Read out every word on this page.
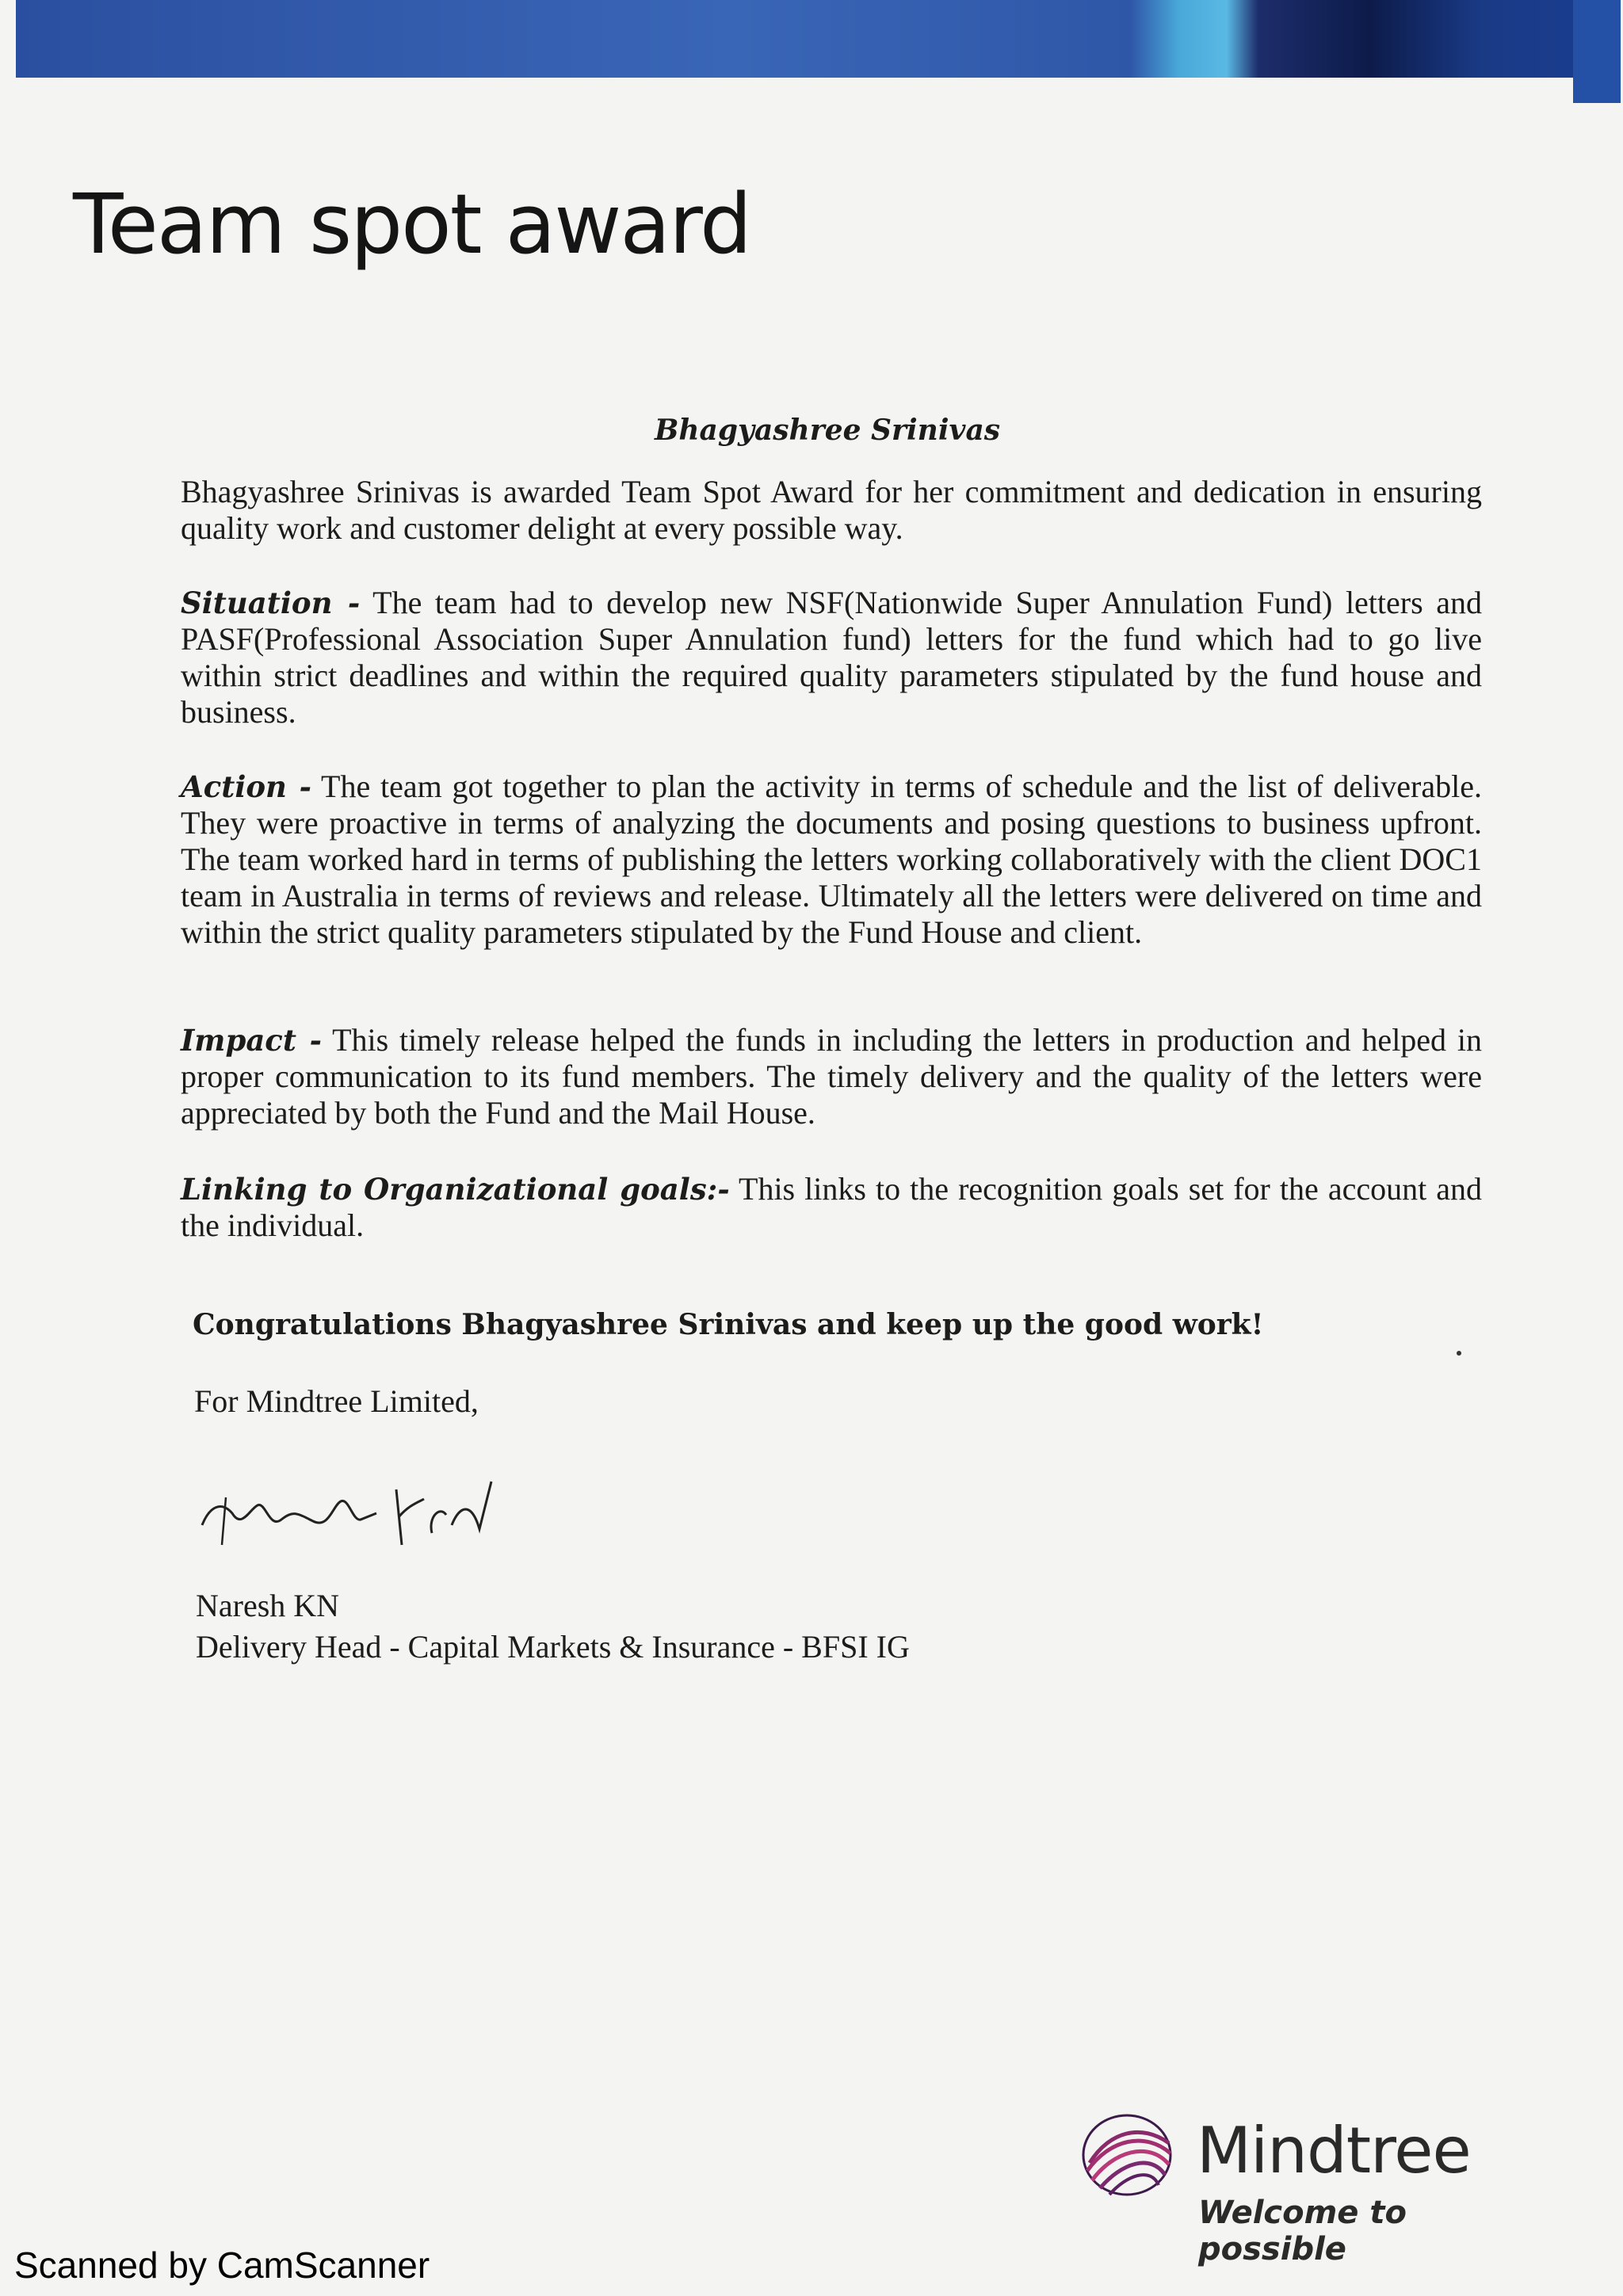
Team spot award
Bhagyashree Srinivas

Bhagyashree Srinivas is awarded Team Spot Award for her commitment and dedication in ensuring quality work and customer delight at every possible way.

Situation - The team had to develop new NSF(Nationwide Super Annulation Fund) letters and PASF(Professional Association Super Annulation fund) letters for the fund which had to go live within strict deadlines and within the required quality parameters stipulated by the fund house and business.

Action - The team got together to plan the activity in terms of schedule and the list of deliverable. They were proactive in terms of analyzing the documents and posing questions to business upfront. The team worked hard in terms of publishing the letters working collaboratively with the client DOC1 team in Australia in terms of reviews and release. Ultimately all the letters were delivered on time and within the strict quality parameters stipulated by the Fund House and client.

Impact - This timely release helped the funds in including the letters in production and helped in proper communication to its fund members. The timely delivery and the quality of the letters were appreciated by both the Fund and the Mail House.

Linking to Organizational goals:- This links to the recognition goals set for the account and the individual.

Congratulations Bhagyashree Srinivas and keep up the good work!
For Mindtree Limited,
Naresh KN
Delivery Head - Capital Markets & Insurance - BFSI IG
Mindtree
Welcome to possible
Scanned by CamScanner
